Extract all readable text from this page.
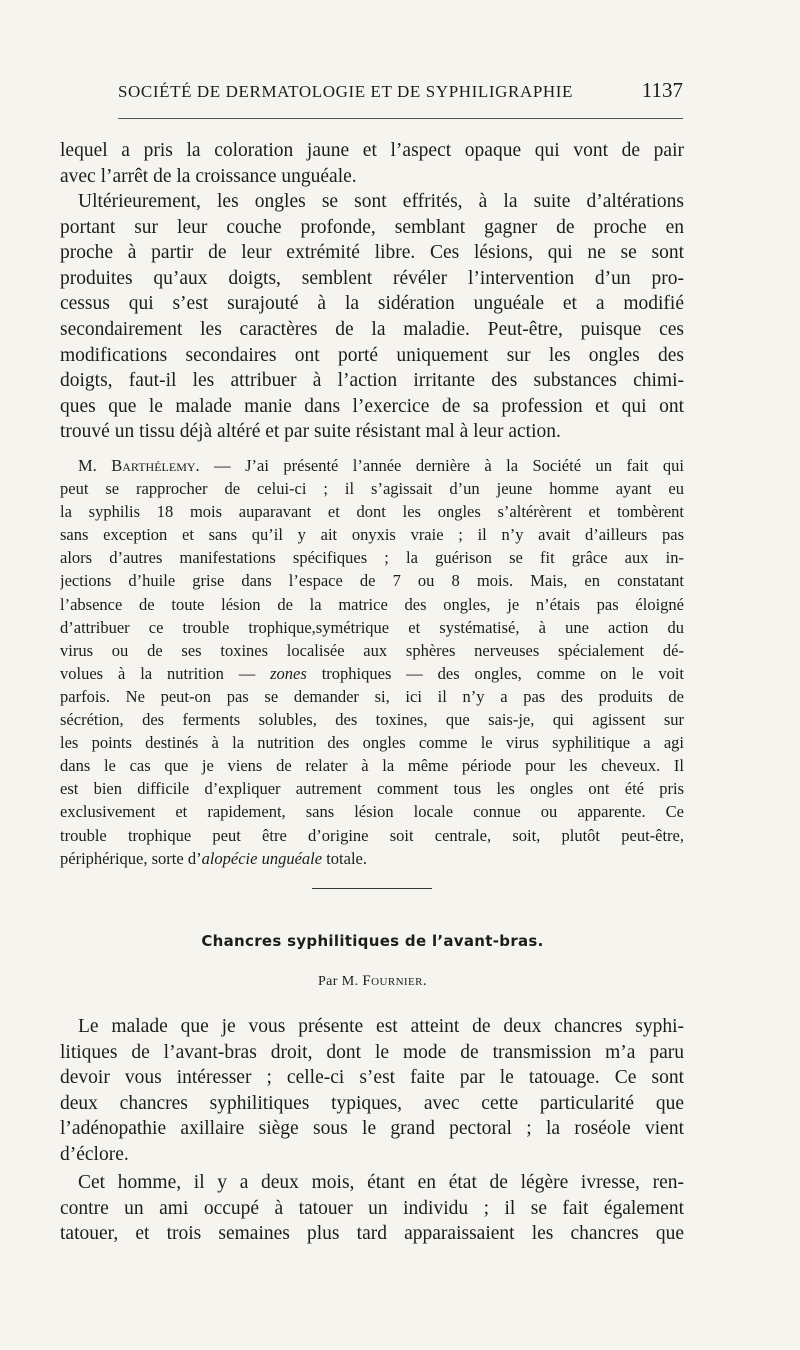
SOCIÉTÉ DE DERMATOLOGIE ET DE SYPHILIGRAPHIE	1137
lequel a pris la coloration jaune et l’aspect opaque qui vont de pair
avec l’arrêt de la croissance unguéale.
Ultérieurement, les ongles se sont effrités, à la suite d’altérations
portant sur leur couche profonde, semblant gagner de proche en
proche à partir de leur extrémité libre. Ces lésions, qui ne se sont
produites qu’aux doigts, semblent révéler l’intervention d’un pro-
cessus qui s’est surajouté à la sidération unguéale et a modifié
secondairement les caractères de la maladie. Peut-être, puisque ces
modifications secondaires ont porté uniquement sur les ongles des
doigts, faut-il les attribuer à l’action irritante des substances chimi-
ques que le malade manie dans l’exercice de sa profession et qui ont
trouvé un tissu déjà altéré et par suite résistant mal à leur action.
M. Barthélemy. — J’ai présenté l’année dernière à la Société un fait qui
peut se rapprocher de celui-ci ; il s’agissait d’un jeune homme ayant eu
la syphilis 18 mois auparavant et dont les ongles s’altérèrent et tombèrent
sans exception et sans qu’il y ait onyxis vraie ; il n’y avait d’ailleurs pas
alors d’autres manifestations spécifiques ; la guérison se fit grâce aux in-
jections d’huile grise dans l’espace de 7 ou 8 mois. Mais, en constatant
l’absence de toute lésion de la matrice des ongles, je n’étais pas éloigné
d’attribuer ce trouble trophique,symétrique et systématisé, à une action du
virus ou de ses toxines localisée aux sphères nerveuses spécialement dé-
volues à la nutrition — zones trophiques — des ongles, comme on le voit
parfois. Ne peut-on pas se demander si, ici il n’y a pas des produits de
sécrétion, des ferments solubles, des toxines, que sais-je, qui agissent sur
les points destinés à la nutrition des ongles comme le virus syphilitique a agi
dans le cas que je viens de relater à la même période pour les cheveux. Il
est bien difficile d’expliquer autrement comment tous les ongles ont été pris
exclusivement et rapidement, sans lésion locale connue ou apparente. Ce
trouble trophique peut être d’origine soit centrale, soit, plutôt peut-être,
périphérique, sorte d’alopécie unguéale totale.
Chancres syphilitiques de l’avant-bras.
Par M. Fournier.
Le malade que je vous présente est atteint de deux chancres syphi-
litiques de l’avant-bras droit, dont le mode de transmission m’a paru
devoir vous intéresser ; celle-ci s’est faite par le tatouage. Ce sont
deux chancres syphilitiques typiques, avec cette particularité que
l’adénopathie axillaire siège sous le grand pectoral ; la roséole vient
d’éclore.
Cet homme, il y a deux mois, étant en état de légère ivresse, ren-
contre un ami occupé à tatouer un individu ; il se fait également
tatouer, et trois semaines plus tard apparaissaient les chancres que
